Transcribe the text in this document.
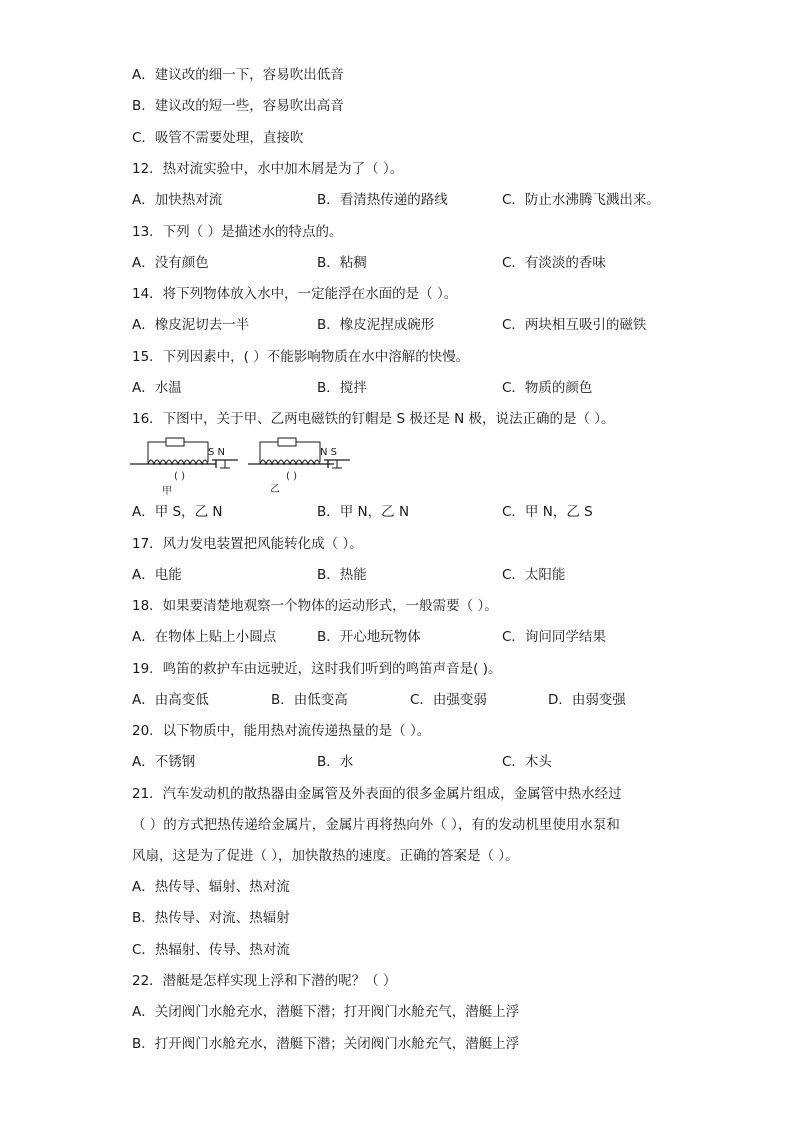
A．建议改的细一下，容易吹出低音
B．建议改的短一些，容易吹出高音
C．吸管不需要处理，直接吹
12．热对流实验中，水中加木屑是为了（ ）。
A．加快热对流	B．看清热传递的路线	C．防止水沸腾飞溅出来。
13．下列（ ）是描述水的特点的。
A．没有颜色	B．粘稠	C．有淡淡的香味
14．将下列物体放入水中，一定能浮在水面的是（ ）。
A．橡皮泥切去一半	B．橡皮泥捏成碗形	C．两块相互吸引的磁铁
15．下列因素中，( ）不能影响物质在水中溶解的快慢。
A．水温	B．搅拌	C．物质的颜色
16．下图中，关于甲、乙两电磁铁的钉帽是 S 极还是 N 极，说法正确的是（ ）。
S N
( )
甲
N S
( )
乙
A．甲 S，乙 N	B．甲 N，乙 N	C．甲 N，乙 S
17．风力发电装置把风能转化成（ ）。
A．电能	B．热能	C．太阳能
18．如果要清楚地观察一个物体的运动形式，一般需要（ ）。
A．在物体上贴上小圆点	B．开心地玩物体	C．询问同学结果
19．鸣笛的救护车由远驶近，这时我们听到的鸣笛声音是( )。
A．由高变低	B．由低变高	C．由强变弱	D．由弱变强
20．以下物质中，能用热对流传递热量的是（ ）。
A．不锈钢	B．水	C．木头
21．汽车发动机的散热器由金属管及外表面的很多金属片组成，金属管中热水经过
（ ）的方式把热传递给金属片，金属片再将热向外（ ），有的发动机里使用水泵和
风扇，这是为了促进（ ），加快散热的速度。正确的答案是（ ）。
A．热传导、辐射、热对流
B．热传导、对流、热辐射
C．热辐射、传导、热对流
22．潜艇是怎样实现上浮和下潜的呢？（ ）
A．关闭阀门水舱充水，潜艇下潜；打开阀门水舱充气，潜艇上浮
B．打开阀门水舱充水，潜艇下潜；关闭阀门水舱充气，潜艇上浮
